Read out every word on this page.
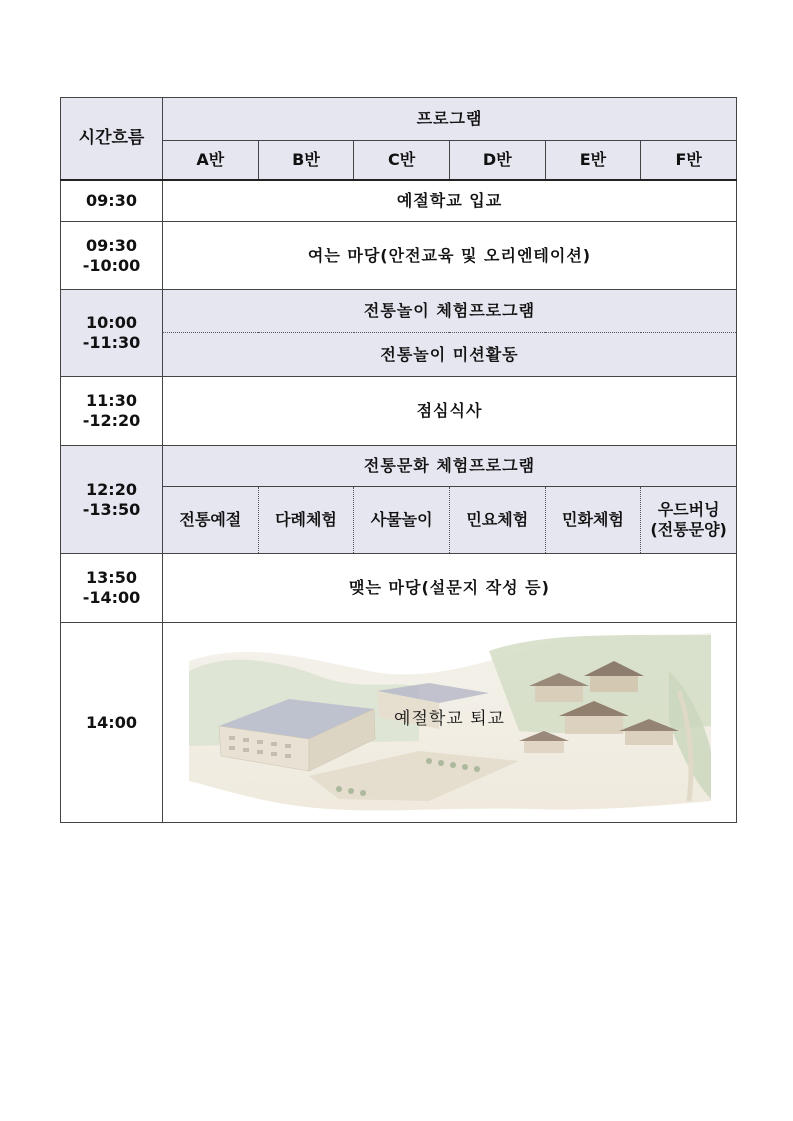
시간흐름	프로그램					
	A반	B반	C반	D반	E반	F반
09:30	예절학교 입교					
09:30
-10:00	여는 마당(안전교육 및 오리엔테이션)					
10:00
-11:30	전통놀이 체험프로그램					
	전통놀이 미션활동					
11:30
-12:20	점심식사					
12:20
-13:50	전통문화 체험프로그램					
	전통예절	다례체험	사물놀이	민요체험	민화체험	우드버닝
(전통문양)
13:50
-14:00	맺는 마당(설문지 작성 등)					
14:00	예절학교 퇴교					
